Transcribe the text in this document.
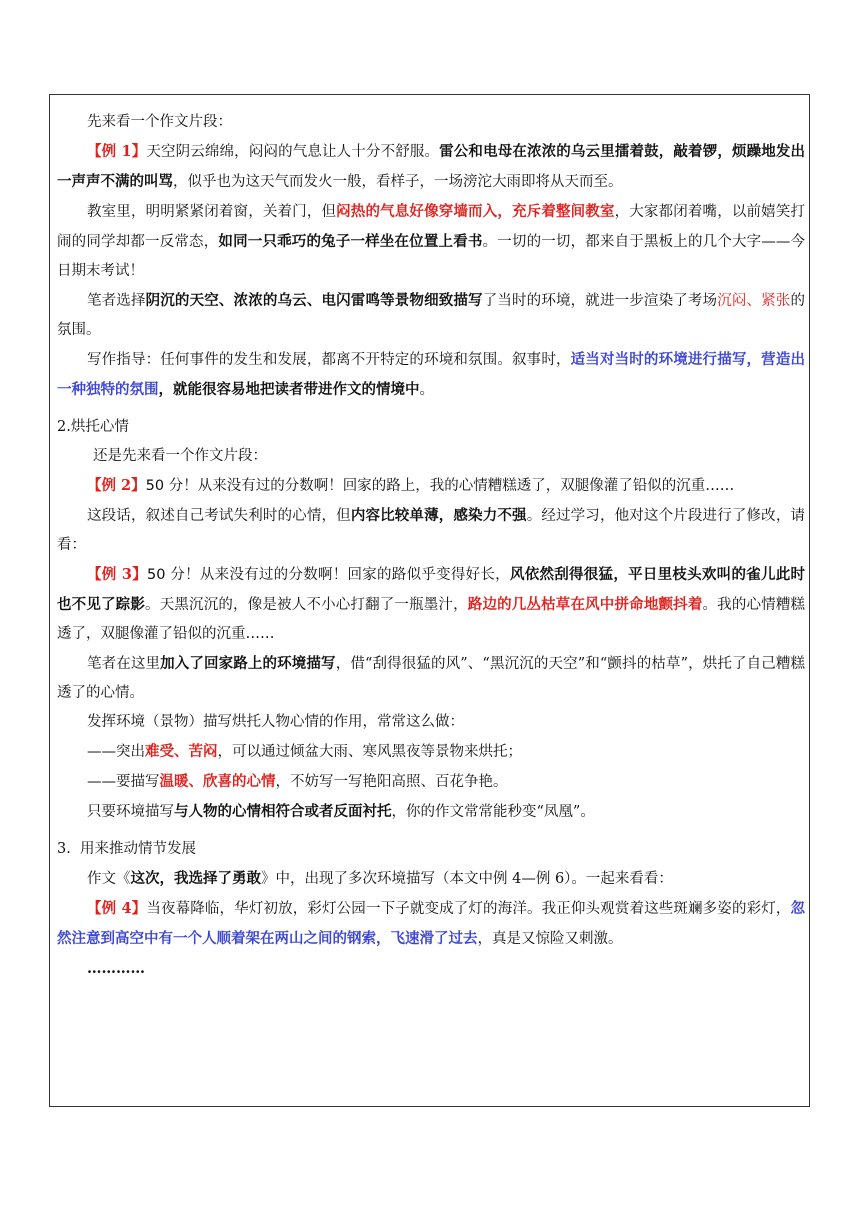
先来看一个作文片段：

【例 1】天空阴云绵绵，闷闷的气息让人十分不舒服。雷公和电母在浓浓的乌云里擂着鼓，敲着锣，烦躁地发出一声声不满的叫骂，似乎也为这天气而发火一般，看样子，一场滂沱大雨即将从天而至。

教室里，明明紧紧闭着窗，关着门，但闷热的气息好像穿墙而入，充斥着整间教室，大家都闭着嘴，以前嬉笑打闹的同学却都一反常态，如同一只乖巧的兔子一样坐在位置上看书。一切的一切，都来自于黑板上的几个大字——今日期末考试！

笔者选择阴沉的天空、浓浓的乌云、电闪雷鸣等景物细致描写了当时的环境，就进一步渲染了考场沉闷、紧张的氛围。

写作指导：任何事件的发生和发展，都离不开特定的环境和氛围。叙事时，适当对当时的环境进行描写，营造出一种独特的氛围，就能很容易地把读者带进作文的情境中。

2.烘托心情

还是先来看一个作文片段：

【例 2】50 分！从来没有过的分数啊！回家的路上，我的心情糟糕透了，双腿像灌了铅似的沉重……

这段话，叙述自己考试失利时的心情，但内容比较单薄，感染力不强。经过学习，他对这个片段进行了修改，请看：

【例 3】50 分！从来没有过的分数啊！回家的路似乎变得好长，风依然刮得很猛，平日里枝头欢叫的雀儿此时也不见了踪影。天黑沉沉的，像是被人不小心打翻了一瓶墨汁，路边的几丛枯草在风中拼命地颤抖着。我的心情糟糕透了，双腿像灌了铅似的沉重……

笔者在这里加入了回家路上的环境描写，借“刮得很猛的风”、“黑沉沉的天空”和“颤抖的枯草”，烘托了自己糟糕透了的心情。

发挥环境（景物）描写烘托人物心情的作用，常常这么做：

——突出难受、苦闷，可以通过倾盆大雨、寒风黑夜等景物来烘托；

——要描写温暖、欣喜的心情，不妨写一写艳阳高照、百花争艳。

只要环境描写与人物的心情相符合或者反面衬托，你的作文常常能秒变“凤凰”。

3.  用来推动情节发展

作文《这次，我选择了勇敢》中，出现了多次环境描写（本文中例 4—例 6）。一起来看看：

【例 4】当夜幕降临，华灯初放，彩灯公园一下子就变成了灯的海洋。我正仰头观赏着这些斑斓多姿的彩灯，忽然注意到高空中有一个人顺着架在两山之间的钢索，飞速滑了过去，真是又惊险又刺激。

…………
